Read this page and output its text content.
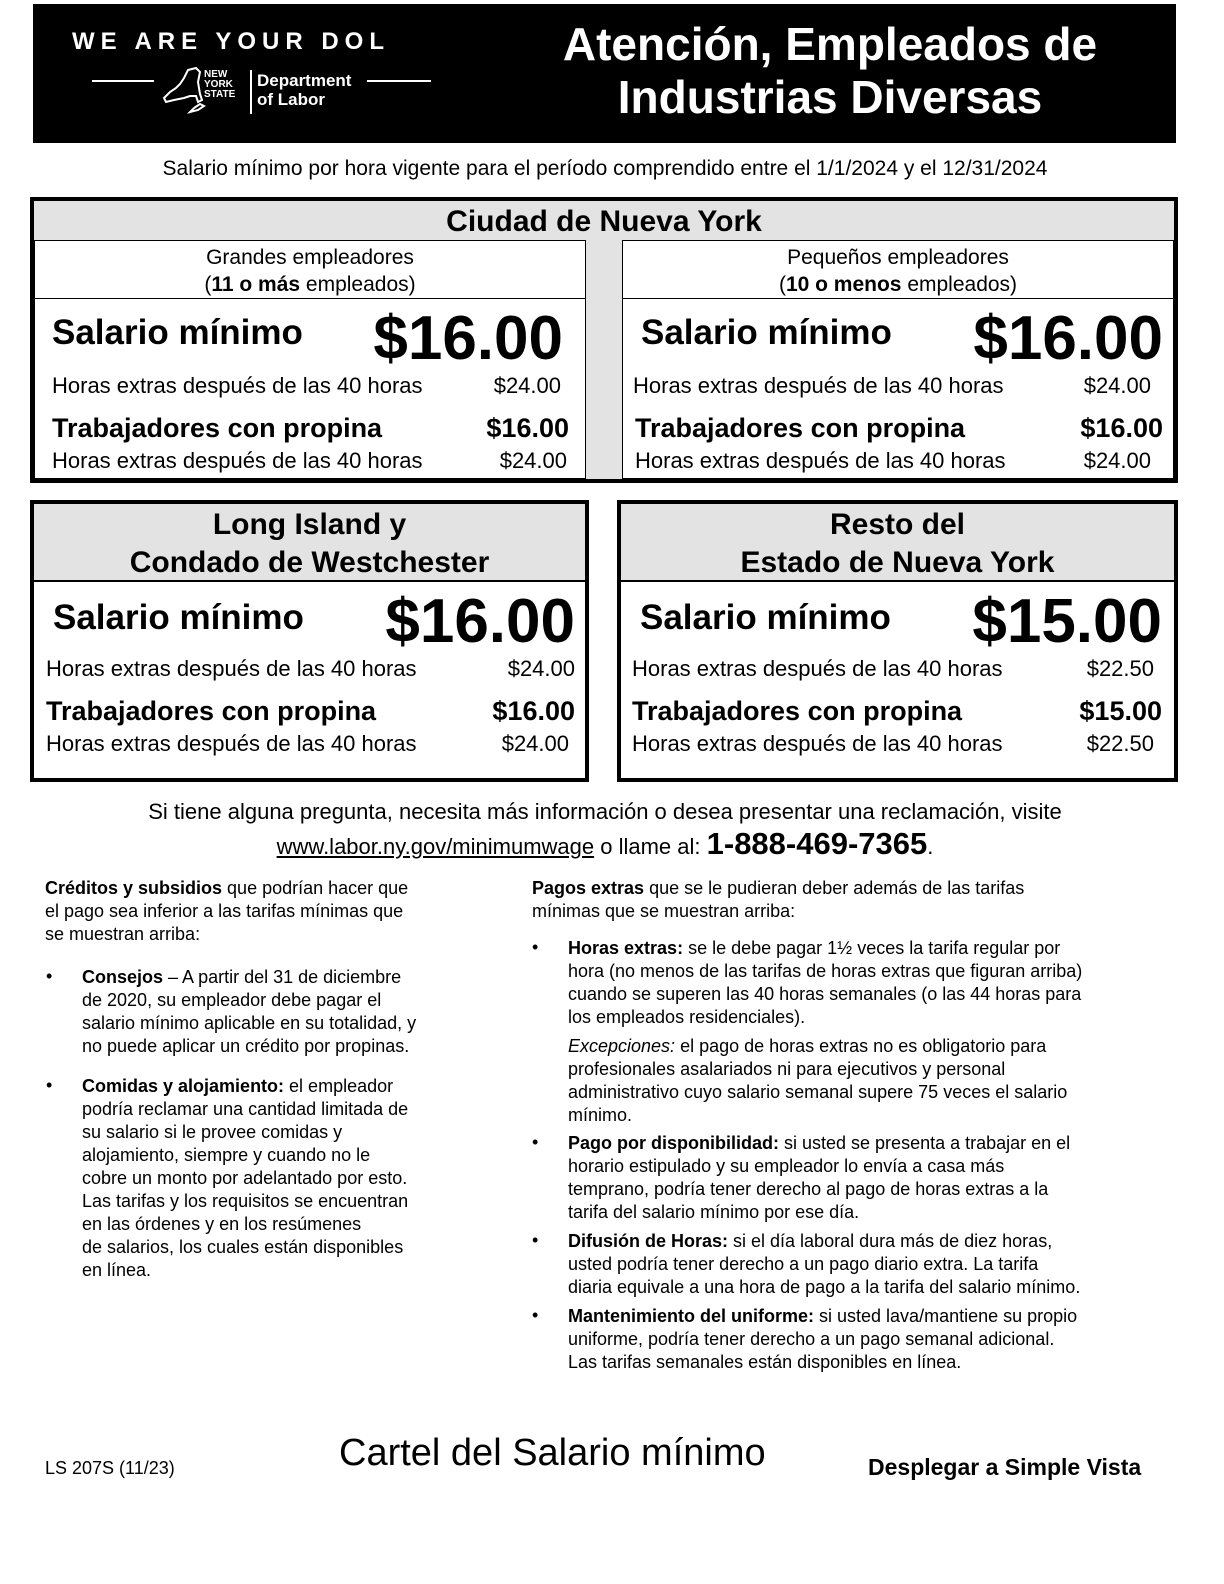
WE ARE YOUR DOL
NEW
YORK
STATE
Department
of Labor
Atención, Empleados de
Industrias Diversas
Salario mínimo por hora vigente para el período comprendido entre el 1/1/2024 y el 12/31/2024
Ciudad de Nueva York
Grandes empleadores
(11 o más empleados)
Salario mínimo $16.00
Horas extras después de las 40 horas	$24.00
Trabajadores con propina	$16.00
Horas extras después de las 40 horas	$24.00
Pequeños empleadores
(10 o menos empleados)
Salario mínimo $16.00
Horas extras después de las 40 horas	$24.00
Trabajadores con propina	$16.00
Horas extras después de las 40 horas	$24.00
Long Island y
Condado de Westchester
Salario mínimo $16.00
Horas extras después de las 40 horas	$24.00
Trabajadores con propina	$16.00
Horas extras después de las 40 horas	$24.00
Resto del
Estado de Nueva York
Salario mínimo $15.00
Horas extras después de las 40 horas	$22.50
Trabajadores con propina	$15.00
Horas extras después de las 40 horas	$22.50
Si tiene alguna pregunta, necesita más información o desea presentar una reclamación, visite
www.labor.ny.gov/minimumwage o llame al: 1-888-469-7365.
Créditos y subsidios que podrían hacer que
el pago sea inferior a las tarifas mínimas que
se muestran arriba:
• Consejos – A partir del 31 de diciembre
de 2020, su empleador debe pagar el
salario mínimo aplicable en su totalidad, y
no puede aplicar un crédito por propinas.
• Comidas y alojamiento: el empleador
podría reclamar una cantidad limitada de
su salario si le provee comidas y
alojamiento, siempre y cuando no le
cobre un monto por adelantado por esto.
Las tarifas y los requisitos se encuentran
en las órdenes y en los resúmenes
de salarios, los cuales están disponibles
en línea.
Pagos extras que se le pudieran deber además de las tarifas
mínimas que se muestran arriba:
• Horas extras: se le debe pagar 1½ veces la tarifa regular por
hora (no menos de las tarifas de horas extras que figuran arriba)
cuando se superen las 40 horas semanales (o las 44 horas para
los empleados residenciales).
Excepciones: el pago de horas extras no es obligatorio para
profesionales asalariados ni para ejecutivos y personal
administrativo cuyo salario semanal supere 75 veces el salario
mínimo.
• Pago por disponibilidad: si usted se presenta a trabajar en el
horario estipulado y su empleador lo envía a casa más
temprano, podría tener derecho al pago de horas extras a la
tarifa del salario mínimo por ese día.
• Difusión de Horas: si el día laboral dura más de diez horas,
usted podría tener derecho a un pago diario extra. La tarifa
diaria equivale a una hora de pago a la tarifa del salario mínimo.
• Mantenimiento del uniforme: si usted lava/mantiene su propio
uniforme, podría tener derecho a un pago semanal adicional.
Las tarifas semanales están disponibles en línea.
LS 207S (11/23)	Cartel del Salario mínimo	Desplegar a Simple Vista
